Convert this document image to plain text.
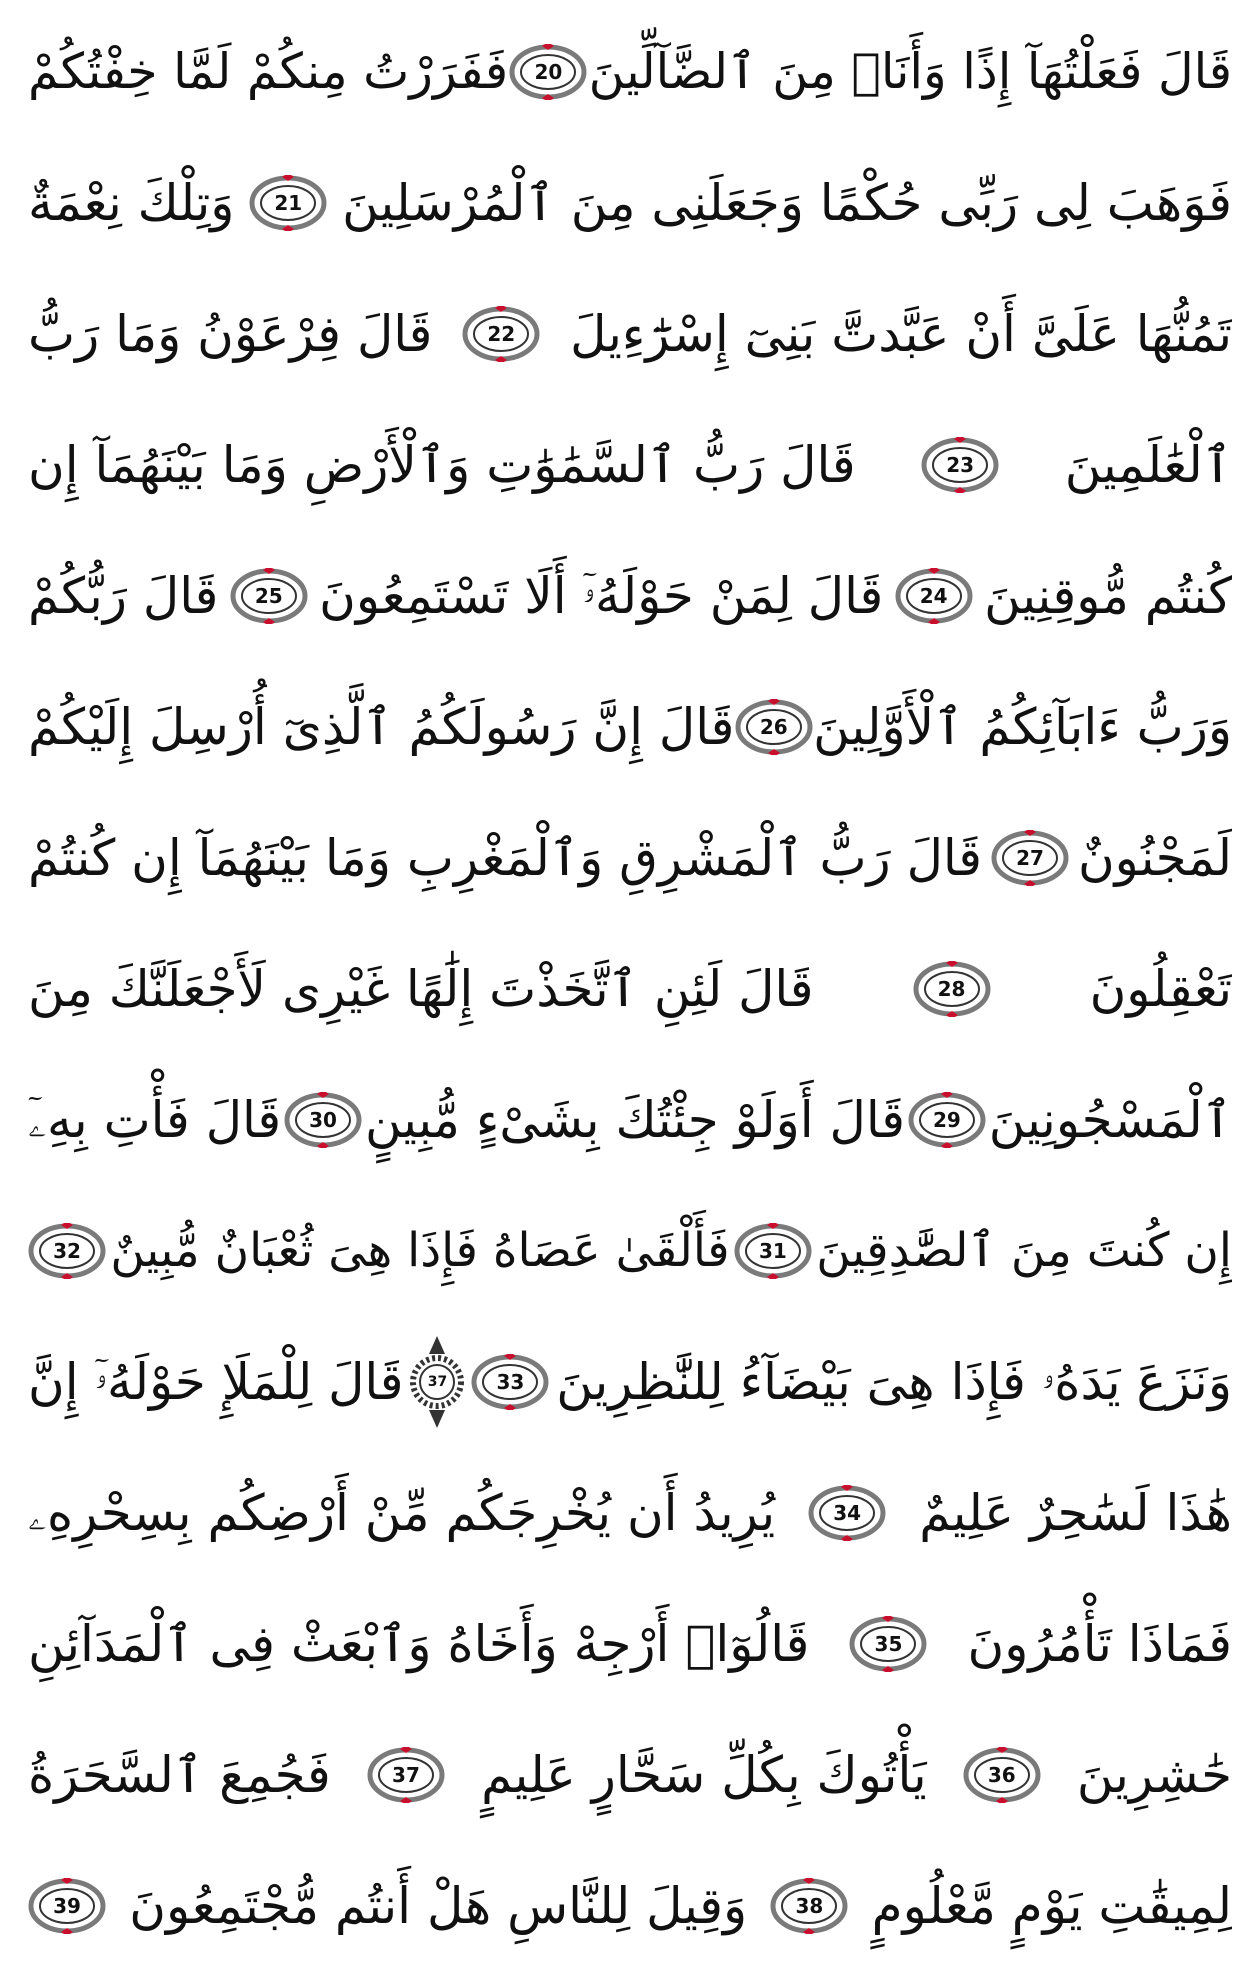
قَالَ فَعَلْتُهَآ إِذًا وَأَنَا۠ مِنَ ٱلضَّآلِّينَ
20
فَفَرَرْتُ مِنكُمْ لَمَّا خِفْتُكُمْ
فَوَهَبَ لِى رَبِّى حُكْمًا وَجَعَلَنِى مِنَ ٱلْمُرْسَلِينَ
21
وَتِلْكَ نِعْمَةٌ
تَمُنُّهَا عَلَىَّ أَنْ عَبَّدتَّ بَنِىٓ إِسْرَٰٓءِيلَ
22
قَالَ فِرْعَوْنُ وَمَا رَبُّ
ٱلْعَٰلَمِينَ
23
قَالَ رَبُّ ٱلسَّمَٰوَٰتِ وَٱلْأَرْضِ وَمَا بَيْنَهُمَآ إِن
كُنتُم مُّوقِنِينَ
24
قَالَ لِمَنْ حَوْلَهُۥٓ أَلَا تَسْتَمِعُونَ
25
قَالَ رَبُّكُمْ
وَرَبُّ ءَابَآئِكُمُ ٱلْأَوَّلِينَ
26
قَالَ إِنَّ رَسُولَكُمُ ٱلَّذِىٓ أُرْسِلَ إِلَيْكُمْ
لَمَجْنُونٌ
27
قَالَ رَبُّ ٱلْمَشْرِقِ وَٱلْمَغْرِبِ وَمَا بَيْنَهُمَآ إِن كُنتُمْ
تَعْقِلُونَ
28
قَالَ لَئِنِ ٱتَّخَذْتَ إِلَٰهًا غَيْرِى لَأَجْعَلَنَّكَ مِنَ
ٱلْمَسْجُونِينَ
29
قَالَ أَوَلَوْ جِئْتُكَ بِشَىْءٍ مُّبِينٍ
30
قَالَ فَأْتِ بِهِۦٓ
إِن كُنتَ مِنَ ٱلصَّٰدِقِينَ
31
فَأَلْقَىٰ عَصَاهُ فَإِذَا هِىَ ثُعْبَانٌ مُّبِينٌ
32
وَنَزَعَ يَدَهُۥ فَإِذَا هِىَ بَيْضَآءُ لِلنَّٰظِرِينَ
33
37
قَالَ لِلْمَلَإِ حَوْلَهُۥٓ إِنَّ
هَٰذَا لَسَٰحِرٌ عَلِيمٌ
34
يُرِيدُ أَن يُخْرِجَكُم مِّنْ أَرْضِكُم بِسِحْرِهِۦ
فَمَاذَا تَأْمُرُونَ
35
قَالُوٓا۟ أَرْجِهْ وَأَخَاهُ وَٱبْعَثْ فِى ٱلْمَدَآئِنِ
حَٰشِرِينَ
36
يَأْتُوكَ بِكُلِّ سَحَّارٍ عَلِيمٍ
37
فَجُمِعَ ٱلسَّحَرَةُ
لِمِيقَٰتِ يَوْمٍ مَّعْلُومٍ
38
وَقِيلَ لِلنَّاسِ هَلْ أَنتُم مُّجْتَمِعُونَ
39
